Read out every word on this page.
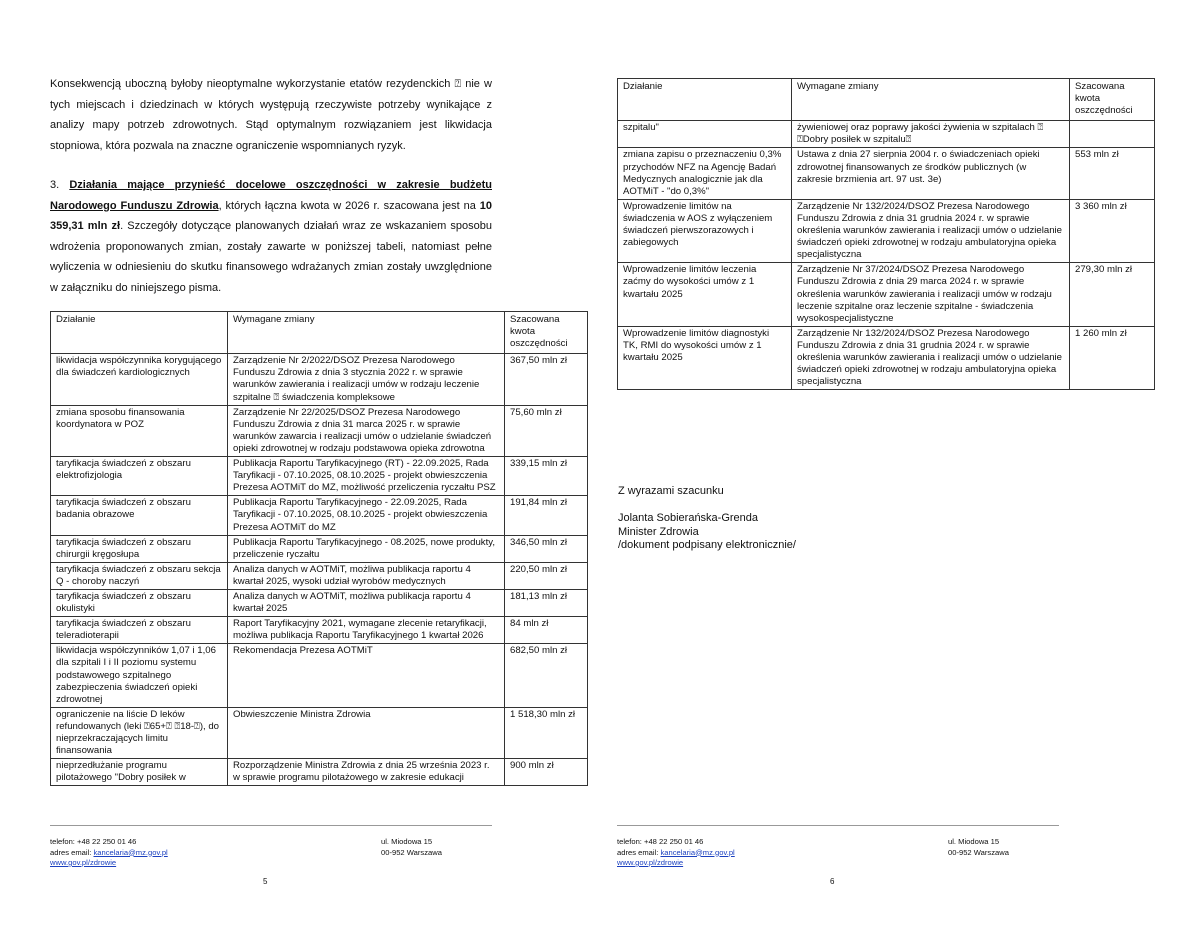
Konsekwencją uboczną byłoby nieoptymalne wykorzystanie etatów rezydenckich ⍰ nie w tych miejscach i dziedzinach w których występują rzeczywiste potrzeby wynikające z analizy mapy potrzeb zdrowotnych. Stąd optymalnym rozwiązaniem jest likwidacja stopniowa, która pozwala na znaczne ograniczenie wspomnianych ryzyk.

3. Działania mające przynieść docelowe oszczędności w zakresie budżetu Narodowego Funduszu Zdrowia, których łączna kwota w 2026 r. szacowana jest na 10 359,31 mln zł. Szczegóły dotyczące planowanych działań wraz ze wskazaniem sposobu wdrożenia proponowanych zmian, zostały zawarte w poniższej tabeli, natomiast pełne wyliczenia w odniesieniu do skutku finansowego wdrażanych zmian zostały uwzględnione w załączniku do niniejszego pisma.

Działanie	Wymagane zmiany	Szacowana kwota oszczędności
likwidacja współczynnika korygującego dla świadczeń kardiologicznych	Zarządzenie Nr 2/2022/DSOZ Prezesa Narodowego Funduszu Zdrowia z dnia 3 stycznia 2022 r. w sprawie warunków zawierania i realizacji umów w rodzaju leczenie szpitalne ⍰ świadczenia kompleksowe	367,50 mln zł
zmiana sposobu finansowania koordynatora w POZ	Zarządzenie Nr 22/2025/DSOZ Prezesa Narodowego Funduszu Zdrowia z dnia 31 marca 2025 r. w sprawie warunków zawarcia i realizacji umów o udzielanie świadczeń opieki zdrowotnej w rodzaju podstawowa opieka zdrowotna	75,60 mln zł
taryfikacja świadczeń z obszaru elektrofizjologia	Publikacja Raportu Taryfikacyjnego (RT) - 22.09.2025, Rada Taryfikacji - 07.10.2025, 08.10.2025 - projekt obwieszczenia Prezesa AOTMiT do MZ, możliwość przeliczenia ryczałtu PSZ	339,15 mln zł
taryfikacja świadczeń z obszaru badania obrazowe	Publikacja Raportu Taryfikacyjnego - 22.09.2025, Rada Taryfikacji - 07.10.2025, 08.10.2025 - projekt obwieszczenia Prezesa AOTMiT do MZ	191,84 mln zł
taryfikacja świadczeń z obszaru chirurgii kręgosłupa	Publikacja Raportu Taryfikacyjnego - 08.2025, nowe produkty, przeliczenie ryczałtu	346,50 mln zł
taryfikacja świadczeń z obszaru sekcja Q - choroby naczyń	Analiza danych w AOTMiT, możliwa publikacja raportu 4 kwartał 2025, wysoki udział wyrobów medycznych	220,50 mln zł
taryfikacja świadczeń z obszaru okulistyki	Analiza danych w AOTMiT, możliwa publikacja raportu 4 kwartał 2025	181,13 mln zł
taryfikacja świadczeń z obszaru teleradioterapii	Raport Taryfikacyjny 2021, wymagane zlecenie retaryfikacji, możliwa publikacja Raportu Taryfikacyjnego 1 kwartał 2026	84 mln zł
likwidacja współczynników 1,07 i 1,06 dla szpitali I i II poziomu systemu podstawowego szpitalnego zabezpieczenia świadczeń opieki zdrowotnej	Rekomendacja Prezesa AOTMiT	682,50 mln zł
ograniczenie na liście D leków refundowanych (leki ⍰65+⍰ ⍰18-⍰), do nieprzekraczających limitu finansowania	Obwieszczenie Ministra Zdrowia	1 518,30 mln zł
nieprzedłużanie programu pilotażowego "Dobry posiłek w	Rozporządzenie Ministra Zdrowia z dnia 25 września 2023 r. w sprawie programu pilotażowego w zakresie edukacji	900 mln zł
telefon: +48 22 250 01 46
adres email: kancelaria@mz.gov.pl
www.gov.pl/zdrowie
ul. Miodowa 15
00-952 Warszawa
5
Działanie	Wymagane zmiany	Szacowana kwota oszczędności
szpitalu"	żywieniowej oraz poprawy jakości żywienia w szpitalach ⍰ ⍰Dobry posiłek w szpitalu⍰	
zmiana zapisu o przeznaczeniu 0,3% przychodów NFZ na Agencję Badań Medycznych analogicznie jak dla AOTMiT - "do 0,3%"	Ustawa z dnia 27 sierpnia 2004 r. o świadczeniach opieki zdrowotnej finansowanych ze środków publicznych (w zakresie brzmienia art. 97 ust. 3e)	553 mln zł
Wprowadzenie limitów na świadczenia w AOS z wyłączeniem świadczeń pierwszorazowych i zabiegowych	Zarządzenie Nr 132/2024/DSOZ Prezesa Narodowego Funduszu Zdrowia z dnia 31 grudnia 2024 r. w sprawie określenia warunków zawierania i realizacji umów o udzielanie świadczeń opieki zdrowotnej w rodzaju ambulatoryjna opieka specjalistyczna	3 360 mln zł
Wprowadzenie limitów leczenia zaćmy do wysokości umów z 1 kwartału 2025	Zarządzenie Nr 37/2024/DSOZ Prezesa Narodowego Funduszu Zdrowia z dnia 29 marca 2024 r. w sprawie określenia warunków zawierania i realizacji umów w rodzaju leczenie szpitalne oraz leczenie szpitalne - świadczenia wysokospecjalistyczne	279,30 mln zł
Wprowadzenie limitów diagnostyki TK, RMI do wysokości umów z 1 kwartału 2025	Zarządzenie Nr 132/2024/DSOZ Prezesa Narodowego Funduszu Zdrowia z dnia 31 grudnia 2024 r. w sprawie określenia warunków zawierania i realizacji umów o udzielanie świadczeń opieki zdrowotnej w rodzaju ambulatoryjna opieka specjalistyczna	1 260 mln zł
Z wyrazami szacunku
Jolanta Sobierańska-Grenda
Minister Zdrowia
/dokument podpisany elektronicznie/
telefon: +48 22 250 01 46
adres email: kancelaria@mz.gov.pl
www.gov.pl/zdrowie
ul. Miodowa 15
00-952 Warszawa
6
